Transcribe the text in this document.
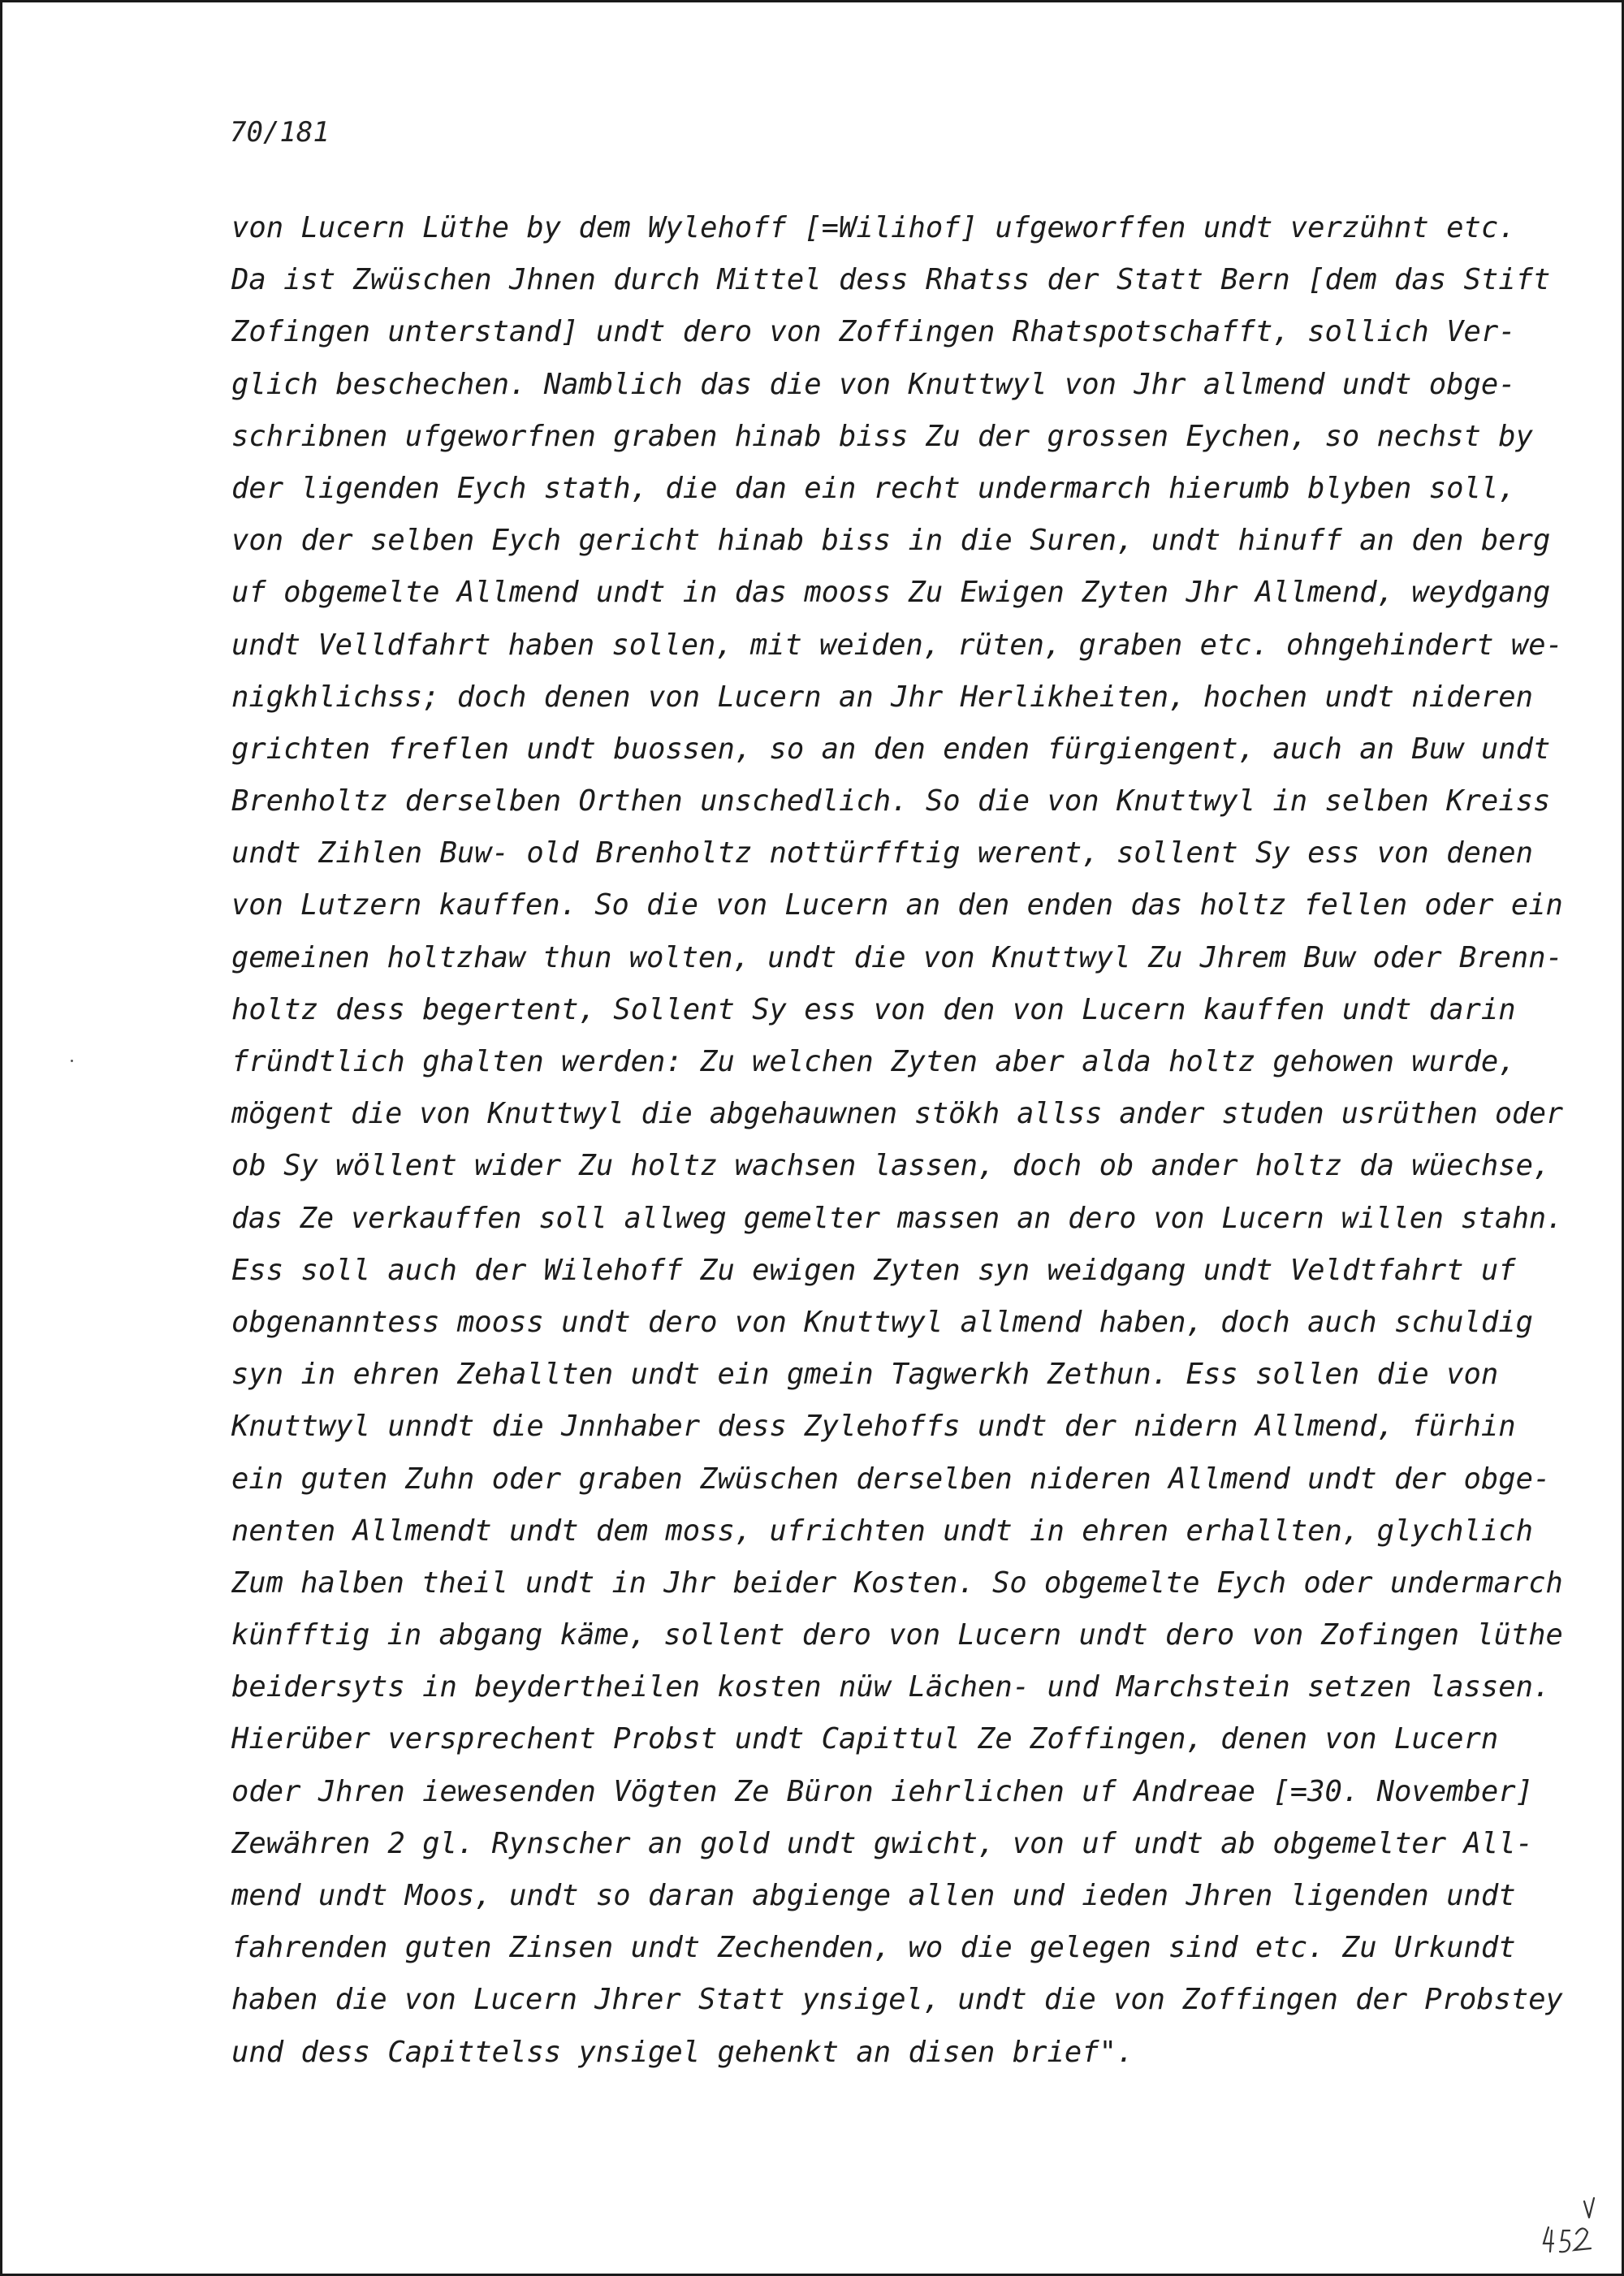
70/181
von Lucern Lüthe by dem Wylehoff [=Wilihof] ufgeworffen undt verzühnt etc.
Da ist Zwüschen Jhnen durch Mittel dess Rhatss der Statt Bern [dem das Stift
Zofingen unterstand] undt dero von Zoffingen Rhatspotschafft, sollich Ver-
glich beschechen. Namblich das die von Knuttwyl von Jhr allmend undt obge-
schribnen ufgeworfnen graben hinab biss Zu der grossen Eychen, so nechst by
der ligenden Eych stath, die dan ein recht undermarch hierumb blyben soll,
von der selben Eych gericht hinab biss in die Suren, undt hinuff an den berg
uf obgemelte Allmend undt in das mooss Zu Ewigen Zyten Jhr Allmend, weydgang
undt Velldfahrt haben sollen, mit weiden, rüten, graben etc. ohngehindert we-
nigkhlichss; doch denen von Lucern an Jhr Herlikheiten, hochen undt nideren
grichten freflen undt buossen, so an den enden fürgiengent, auch an Buw undt
Brenholtz derselben Orthen unschedlich. So die von Knuttwyl in selben Kreiss
undt Zihlen Buw- old Brenholtz nottürfftig werent, sollent Sy ess von denen
von Lutzern kauffen. So die von Lucern an den enden das holtz fellen oder ein
gemeinen holtzhaw thun wolten, undt die von Knuttwyl Zu Jhrem Buw oder Brenn-
holtz dess begertent, Sollent Sy ess von den von Lucern kauffen undt darin
fründtlich ghalten werden: Zu welchen Zyten aber alda holtz gehowen wurde,
mögent die von Knuttwyl die abgehauwnen stökh allss ander studen usrüthen oder
ob Sy wöllent wider Zu holtz wachsen lassen, doch ob ander holtz da wüechse,
das Ze verkauffen soll allweg gemelter massen an dero von Lucern willen stahn.
Ess soll auch der Wilehoff Zu ewigen Zyten syn weidgang undt Veldtfahrt uf
obgenanntess mooss undt dero von Knuttwyl allmend haben, doch auch schuldig
syn in ehren Zehallten undt ein gmein Tagwerkh Zethun. Ess sollen die von
Knuttwyl unndt die Jnnhaber dess Zylehoffs undt der nidern Allmend, fürhin
ein guten Zuhn oder graben Zwüschen derselben nideren Allmend undt der obge-
nenten Allmendt undt dem moss, ufrichten undt in ehren erhallten, glychlich
Zum halben theil undt in Jhr beider Kosten. So obgemelte Eych oder undermarch
künfftig in abgang käme, sollent dero von Lucern undt dero von Zofingen lüthe
beidersyts in beydertheilen kosten nüw Lächen- und Marchstein setzen lassen.
Hierüber versprechent Probst undt Capittul Ze Zoffingen, denen von Lucern
oder Jhren iewesenden Vögten Ze Büron iehrlichen uf Andreae [=30. November]
Zewähren 2 gl. Rynscher an gold undt gwicht, von uf undt ab obgemelter All-
mend undt Moos, undt so daran abgienge allen und ieden Jhren ligenden undt
fahrenden guten Zinsen undt Zechenden, wo die gelegen sind etc. Zu Urkundt
haben die von Lucern Jhrer Statt ynsigel, undt die von Zoffingen der Probstey
und dess Capittelss ynsigel gehenkt an disen brief".
